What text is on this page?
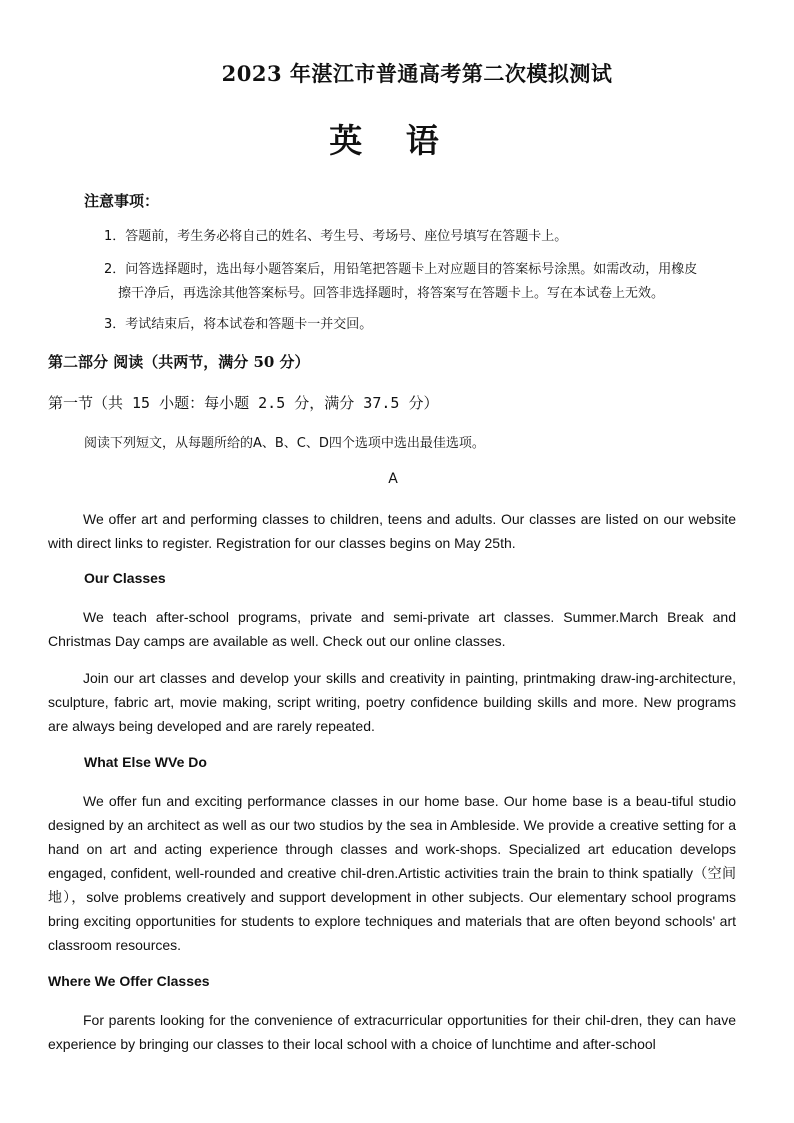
2023 年湛江市普通高考第二次模拟测试
英 语

注意事项：

1．答题前，考生务必将自己的姓名、考生号、考场号、座位号填写在答题卡上。

2．问答选择题时，选出每小题答案后，用铅笔把答题卡上对应题目的答案标号涂黑。如需改动，用橡皮
擦干净后，再选涂其他答案标号。回答非选择题时，将答案写在答题卡上。写在本试卷上无效。

3．考试结束后，将本试卷和答题卡一并交回。

第二部分 阅读（共两节，满分 50 分）

第一节（共 15 小题：每小题 2.5 分，满分 37.5 分）

阅读下列短文，从每题所给的A、B、C、D四个选项中选出最佳选项。

A

We offer art and performing classes to children, teens and adults. Our classes are listed on our website with direct links to register. Registration for our classes begins on May 25th.

Our Classes

We teach after-school programs, private and semi-private art classes. Summer.March Break and Christmas Day camps are available as well. Check out our online classes.

Join our art classes and develop your skills and creativity in painting, printmaking draw-ing-architecture, sculpture, fabric art, movie making, script writing, poetry confidence building skills and more. New programs are always being developed and are rarely repeated.

What Else WVe Do

We offer fun and exciting performance classes in our home base. Our home base is a beau-tiful studio designed by an architect as well as our two studios by the sea in Ambleside. We provide a creative setting for a hand on art and acting experience through classes and work-shops. Specialized art education develops engaged, confident, well-rounded and creative chil-dren.Artistic activities train the brain to think spatially（空间地），solve problems creatively and support development in other subjects. Our elementary school programs bring exciting opportunities for students to explore techniques and materials that are often beyond schools' art classroom resources.

Where We Offer Classes

For parents looking for the convenience of extracurricular opportunities for their chil-dren, they can have experience by bringing our classes to their local school with a choice of lunchtime and after-school
